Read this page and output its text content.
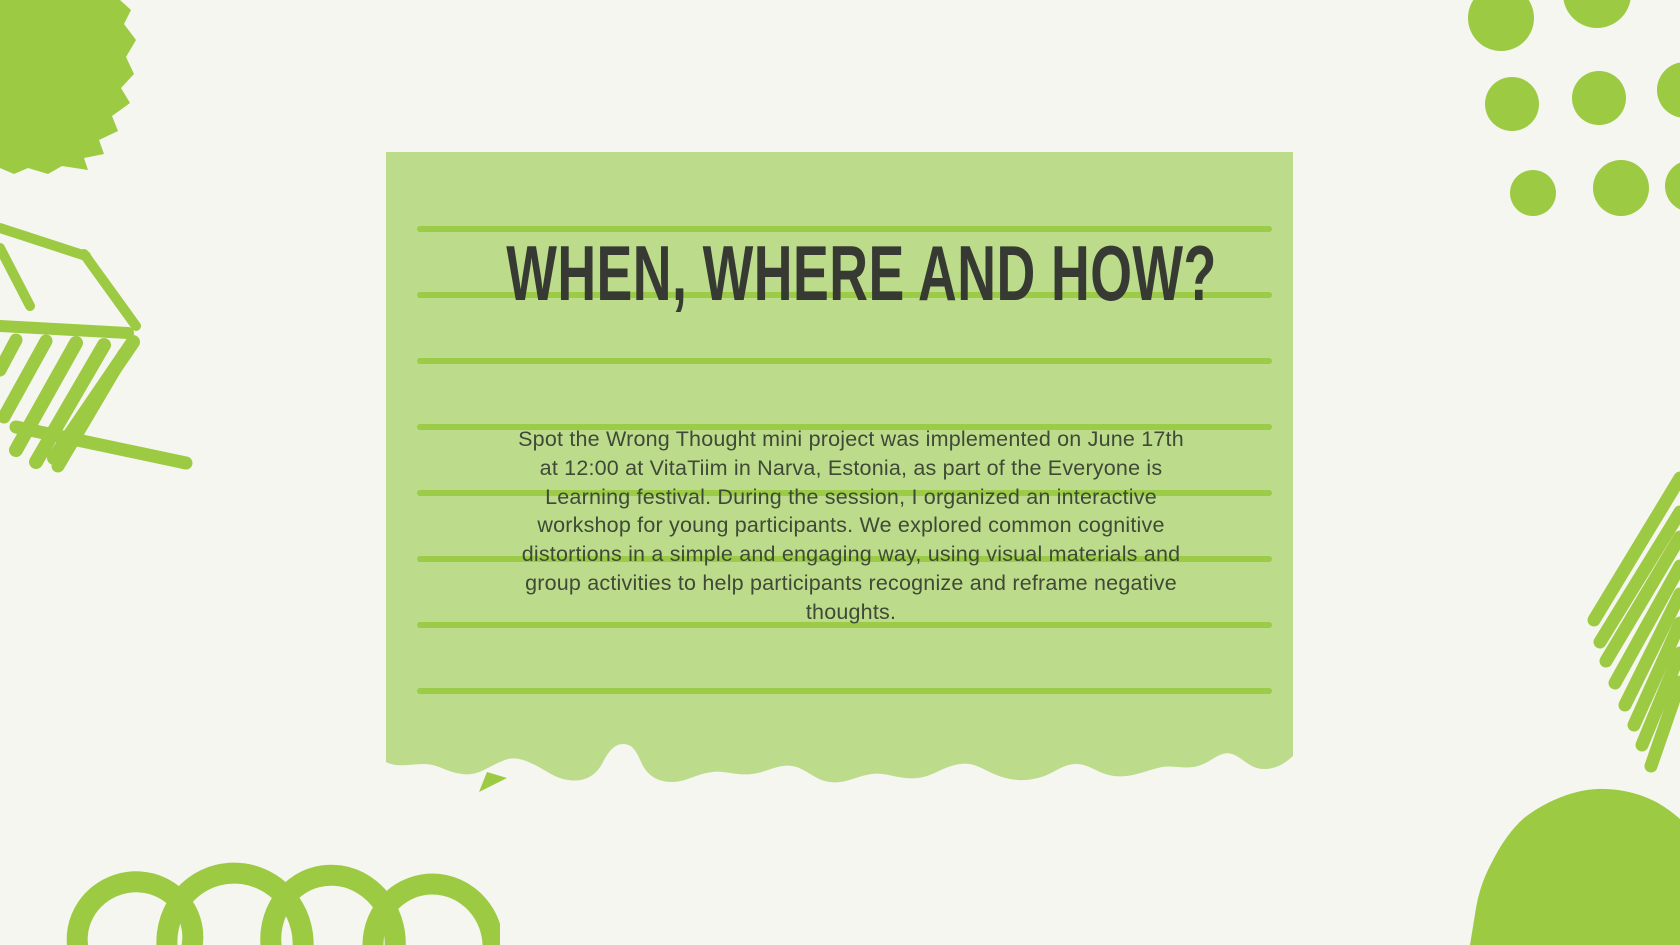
WHEN, WHERE AND HOW?
Spot the Wrong Thought mini project was implemented on June 17th
at 12:00 at VitaTiim in Narva, Estonia, as part of the Everyone is
Learning festival. During the session, I organized an interactive
workshop for young participants. We explored common cognitive
distortions in a simple and engaging way, using visual materials and
group activities to help participants recognize and reframe negative
thoughts.
